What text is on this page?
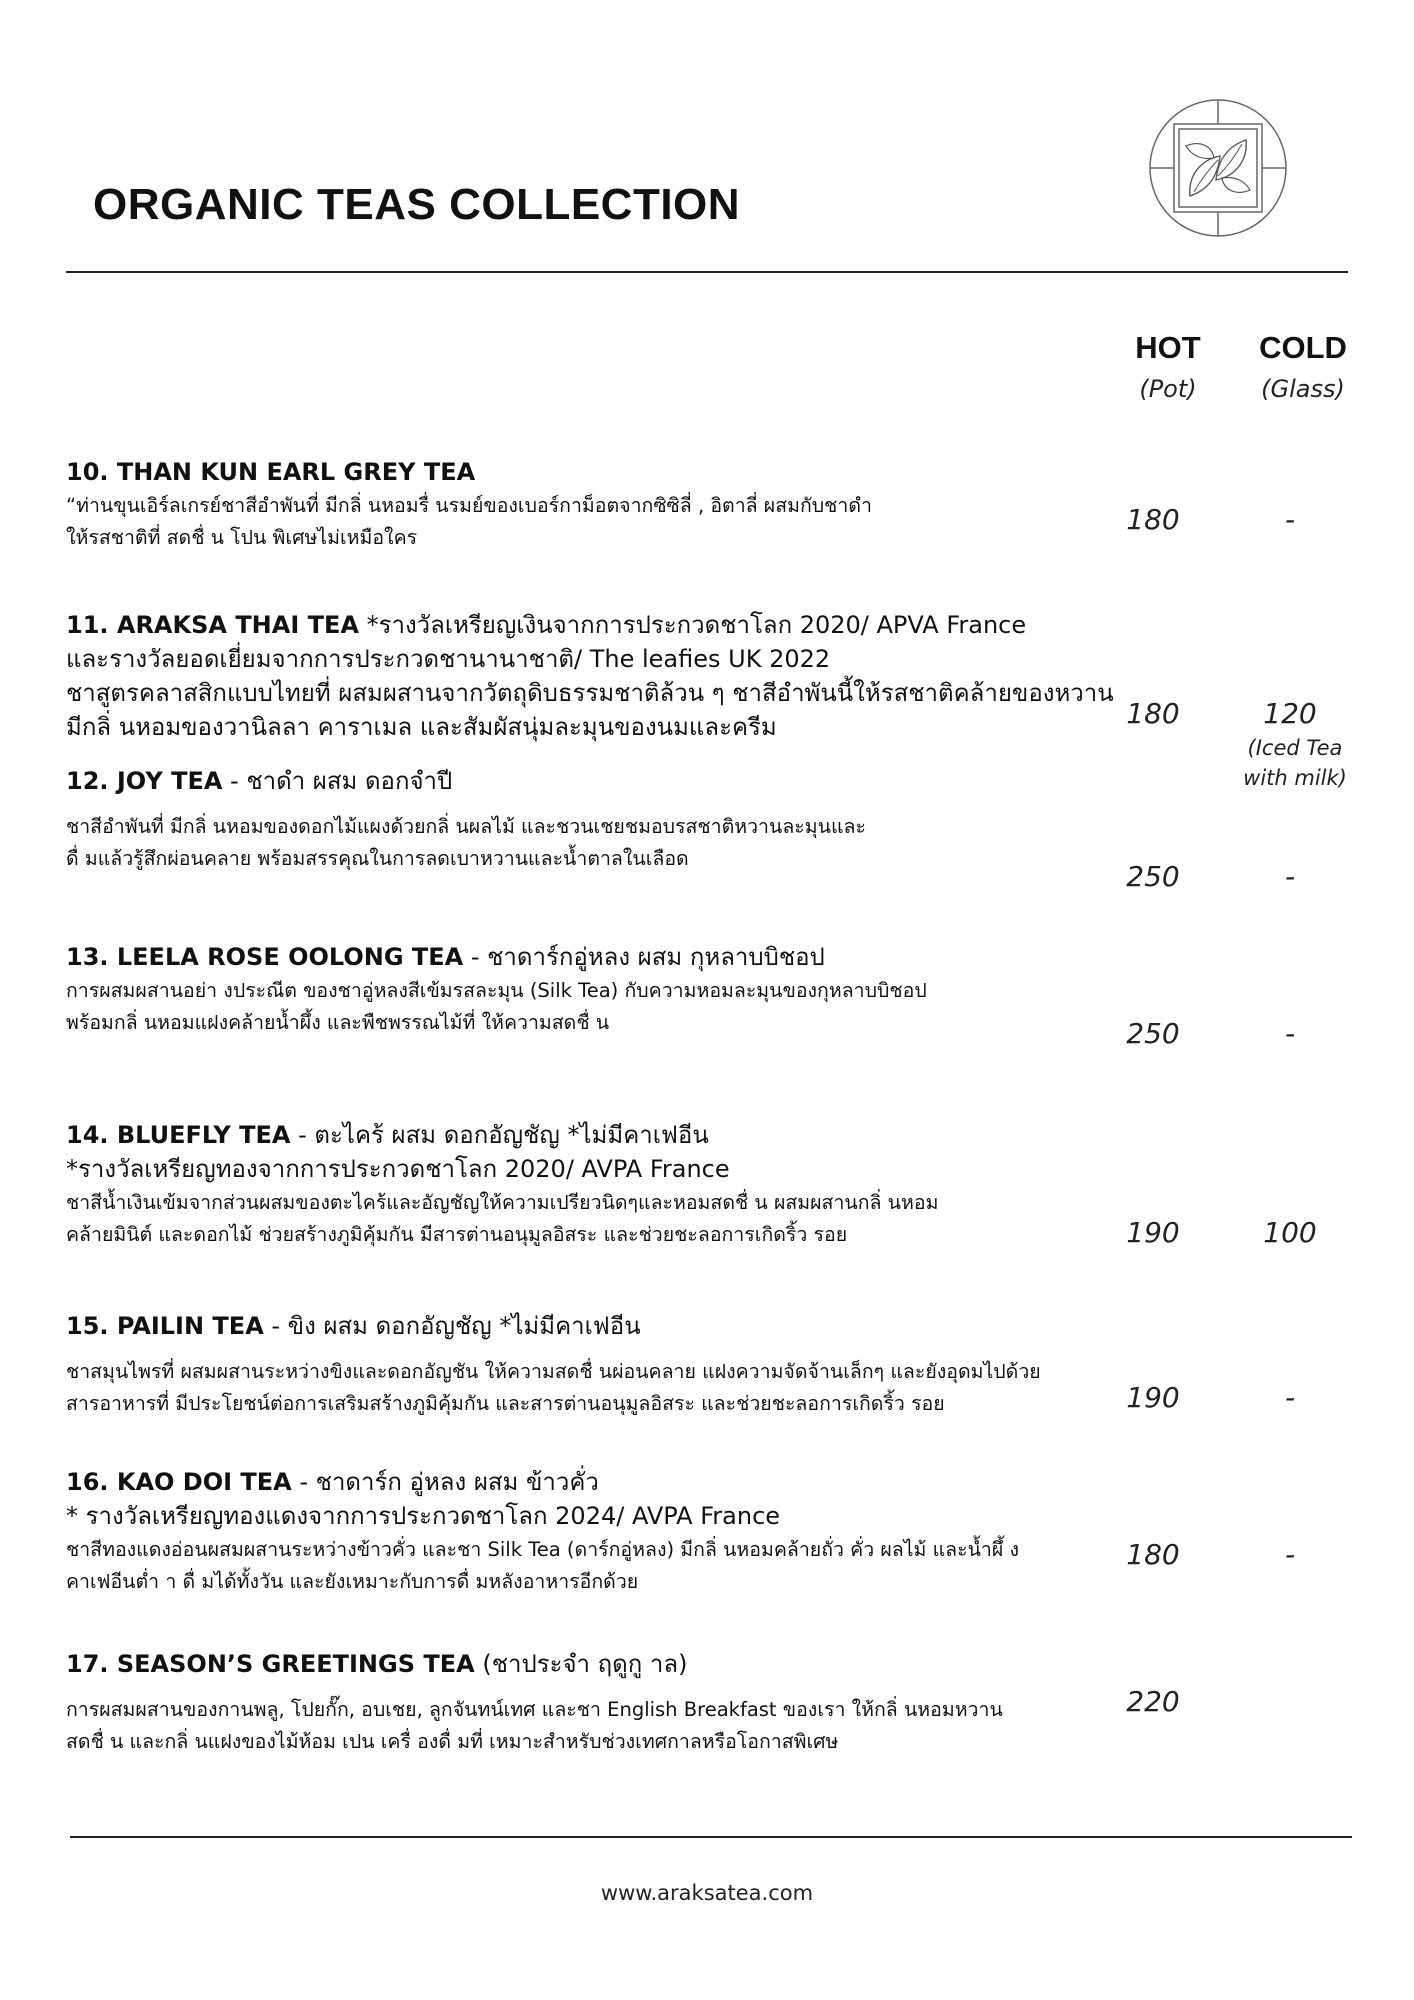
ORGANIC TEAS COLLECTION
HOT
(Pot)
COLD
(Glass)
10. THAN KUN EARL GREY TEA
“ท่านขุนเอิร์ลเกรย์ชาสีอำพันที่ มีกลิ่ นหอมรื่ นรมย์ของเบอร์กาม็อตจากซิซิลี่ , อิตาลี่ ผสมกับชาดำ
ให้รสชาติที่ สดชื่ น โปน พิเศษไม่เหมือใคร
180	-
11. ARAKSA THAI TEA *รางวัลเหรียญเงินจากการประกวดชาโลก 2020/ APVA France
และรางวัลยอดเยี่ยมจากการประกวดชานานาชาติ/ The leafies UK 2022
ชาสูตรคลาสสิกแบบไทยที่ ผสมผสานจากวัตถุดิบธรรมชาติล้วน ๆ ชาสีอำพันนี้ให้รสชาติคล้ายของหวาน
มีกลิ่ นหอมของวานิลลา คาราเมล และสัมผัสนุ่มละมุนของนมและครีม	180	120
(Iced Tea
with milk)
12. JOY TEA - ชาดำ ผสม ดอกจำปี
ชาสีอำพันที่ มีกลิ่ นหอมของดอกไม้แผงด้วยกลิ่ นผลไม้ และชวนเชยชมอบรสชาติหวานละมุนและ
ดื่ มแล้วรู้สึกผ่อนคลาย พร้อมสรรคุณในการลดเบาหวานและน้ำตาลในเลือด
250	-
13. LEELA ROSE OOLONG TEA - ชาดาร์กอู่หลง ผสม กุหลาบบิชอป
การผสมผสานอย่า งประณีต ของชาอู่หลงสีเข้มรสละมุน (Silk Tea) กับความหอมละมุนของกุหลาบบิชอป
พร้อมกลิ่ นหอมแฝงคล้ายน้ำผึ้ง และพืชพรรณไม้ที่ ให้ความสดชื่ น	250	-
14. BLUEFLY TEA - ตะไคร้ ผสม ดอกอัญชัญ *ไม่มีคาเฟอีน
*รางวัลเหรียญทองจากการประกวดชาโลก 2020/ AVPA France
ชาสีน้ำเงินเข้มจากส่วนผสมของตะไคร้และอัญชัญให้ความเปรียวนิดๆและหอมสดชื่ น ผสมผสานกลิ่ นหอม
คล้ายมินิต์ และดอกไม้ ช่วยสร้างภูมิคุ้มกัน มีสารต่านอนุมูลอิสระ และช่วยชะลอการเกิดริ้ว รอย	190	100
15. PAILIN TEA - ขิง ผสม ดอกอัญชัญ *ไม่มีคาเฟอีน
ชาสมุนไพรที่ ผสมผสานระหว่างขิงและดอกอัญชัน ให้ความสดชื่ นผ่อนคลาย แฝงความจัดจ้านเล็กๆ และยังอุดมไปด้วย
สารอาหารที่ มีประโยชน์ต่อการเสริมสร้างภูมิคุ้มกัน และสารต่านอนุมูลอิสระ และช่วยชะลอการเกิดริ้ว รอย	190	-
16. KAO DOI TEA - ชาดาร์ก อู่หลง ผสม ข้าวคั่ว
* รางวัลเหรียญทองแดงจากการประกวดชาโลก 2024/ AVPA France
ชาสีทองแดงอ่อนผสมผสานระหว่างข้าวคั่ว และชา Silk Tea (ดาร์กอู่หลง) มีกลิ่ นหอมคล้ายถั่ว คั่ว ผลไม้ และน้ำผึ้ ง
คาเฟอีนต่ำ า ดื่ มได้ทั้งวัน และยังเหมาะกับการดื่ มหลังอาหารอีกด้วย
180	-
17. SEASON’S GREETINGS TEA (ชาประจำ ฤดูกู าล)
การผสมผสานของกานพลู, โปยกั๊ก, อบเชย, ลูกจันทน์เทศ และชา English Breakfast ของเรา ให้กลิ่ นหอมหวาน
สดชื่ น และกลิ่ นแฝงของไม้ห้อม เปน เครื่ องดื่ มที่ เหมาะสำหรับช่วงเทศกาลหรือโอกาสพิเศษ
220
www.araksatea.com
